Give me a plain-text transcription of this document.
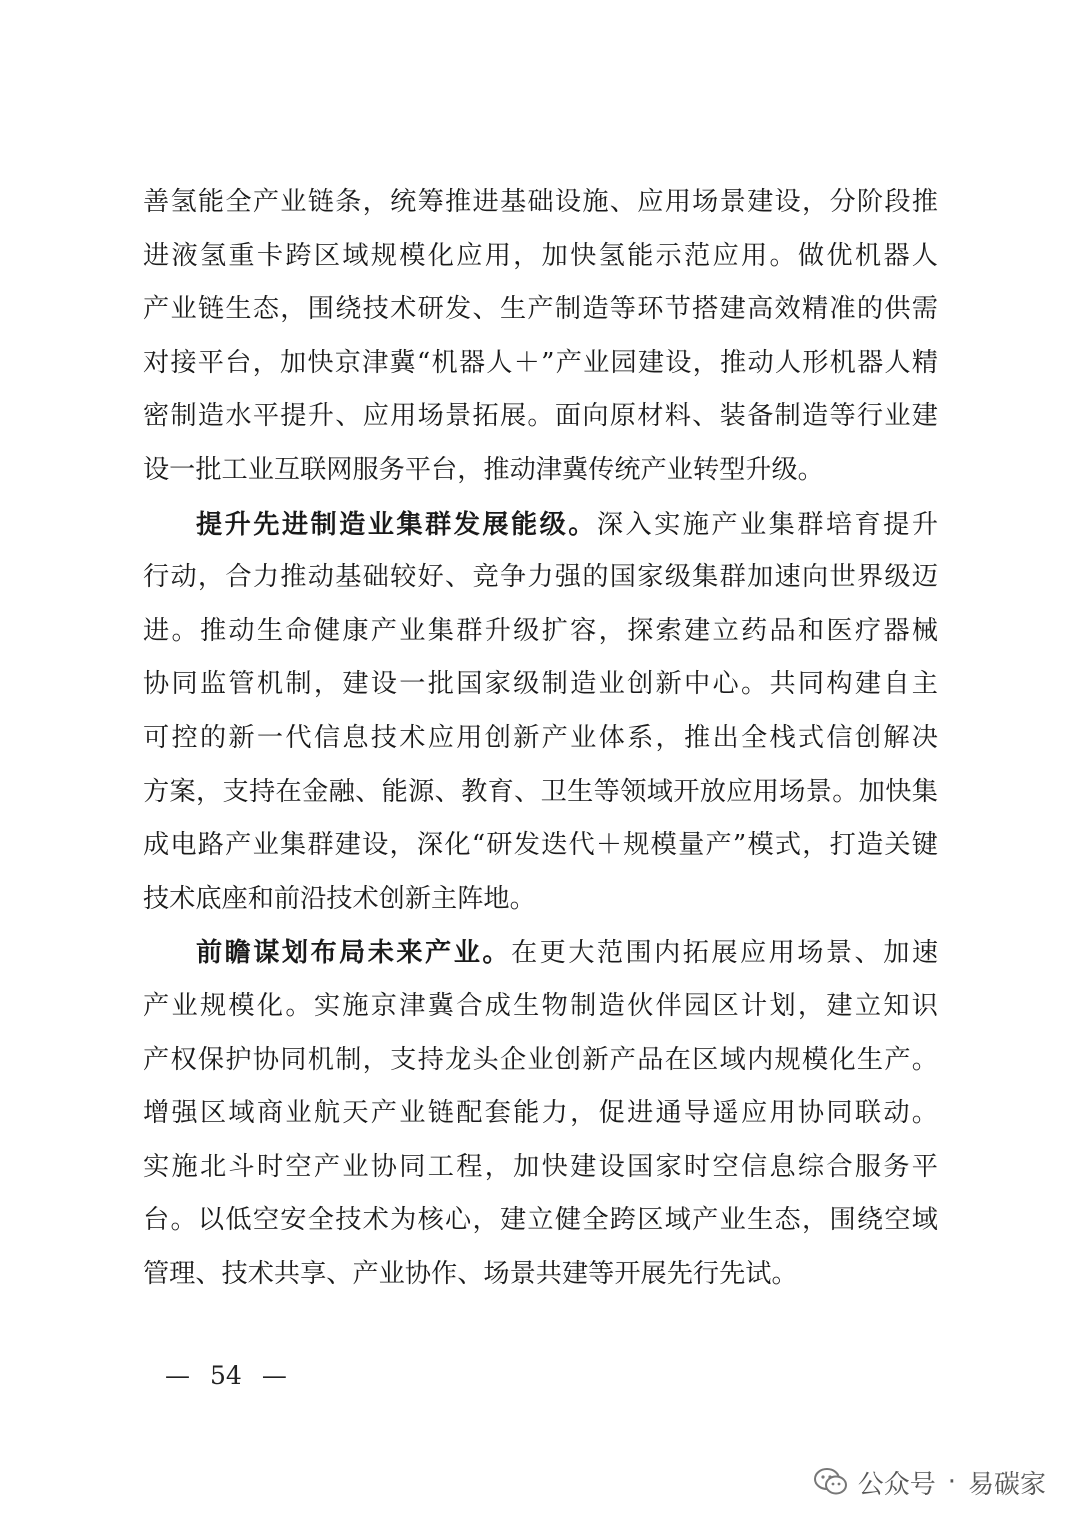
善氢能全产业链条，统筹推进基础设施、应用场景建设，分阶段推
进液氢重卡跨区域规模化应用，加快氢能示范应用。做优机器人
产业链生态，围绕技术研发、生产制造等环节搭建高效精准的供需
对接平台，加快京津冀“机器人＋”产业园建设，推动人形机器人精
密制造水平提升、应用场景拓展。面向原材料、装备制造等行业建
设一批工业互联网服务平台，推动津冀传统产业转型升级。
提升先进制造业集群发展能级。深入实施产业集群培育提升
行动，合力推动基础较好、竞争力强的国家级集群加速向世界级迈
进。推动生命健康产业集群升级扩容，探索建立药品和医疗器械
协同监管机制，建设一批国家级制造业创新中心。共同构建自主
可控的新一代信息技术应用创新产业体系，推出全栈式信创解决
方案，支持在金融、能源、教育、卫生等领域开放应用场景。加快集
成电路产业集群建设，深化“研发迭代＋规模量产”模式，打造关键
技术底座和前沿技术创新主阵地。
前瞻谋划布局未来产业。在更大范围内拓展应用场景、加速
产业规模化。实施京津冀合成生物制造伙伴园区计划，建立知识
产权保护协同机制，支持龙头企业创新产品在区域内规模化生产。
增强区域商业航天产业链配套能力，促进通导遥应用协同联动。
实施北斗时空产业协同工程，加快建设国家时空信息综合服务平
台。以低空安全技术为核心，建立健全跨区域产业生态，围绕空域
管理、技术共享、产业协作、场景共建等开展先行先试。
— 54 —
公众号 · 易碳家
